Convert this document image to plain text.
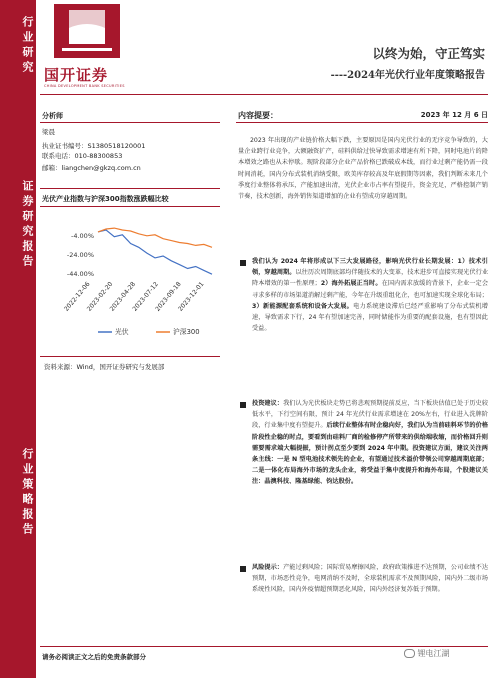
行业研究
证券研究报告
行业策略报告
国开证券
CHINA DEVELOPMENT BANK SECURITIES
以终为始，守正笃实
----2024年光伏行业年度策略报告
分析师
梁晨
执业证书编号：S1380518120001
联系电话：010-88300853
邮箱：liangchen@gkzq.com.cn
光伏产业指数与沪深300指数涨跌幅比较
-4.00%
-24.00%
-44.00%
2022-12-06
2023-02-20
2023-04-28
2023-07-12
2023-09-18
2023-12-01
光伏	沪深300
资料来源：Wind，国开证券研究与发展部
内容提要：	2023 年 12 月 6 日
2023 年出现的产业链价格大幅下跌，主要原因是国内光伏行业的无序竞争导致的，大量企业跨行业竞争，大额融资扩产，硅料供给过快导致需求增速有所下降，同时电池片的降本增效之路也从未停歇。现阶段部分企业产品价格已跌破成本线，而行业过剩产能仍需一段时间消耗，国内分布式装机消纳受限，欧美库存较高及年底假期等因素，我们判断未来几个季度行业整体将承压，产能加速出清，光伏企业市占率有望提升，资金充足，严格控制产销节奏，技术创新，海外销售渠道增加的企业有望成功穿越周期。
我们认为 2024 年将形成以下三大发展路径，影响光伏行业长期发展：1）技术引领，穿越周期。以往历次周期底部均伴随技术的大变革，技术进步可直接实现光伏行业降本增效的第一性原理；2）海外拓展正当时。在国内需求放缓的背景下，企业一定会寻求多样的市场渠道消解过剩产能，今年在升级重组化企，也可加速实现全球化布局；3）新能源配套系统和设备大发展。电力系统建设滞后已经严重影响了分布式装机增速，导致需求下行，24 年有望加速完善，同时储能作为重要的配套设施，也有望因此受益。
投资建议：我们认为光伏板块走势已将悲观预期提前反应，当下板块估值已处于历史较低水平，下行空间有限，预计 24 年光伏行业需求增速在 20%左右，行业进入洗牌阶段，行业集中度有望提升。后续行业整体有时企稳向好，我们认为当前硅料环节的价格阶段性企稳的时点，要看到由硅料厂商的检修停产所带来的供给端收缩，而价格回升则需要需求端大幅提振，预计拐点至少要到 2024 年中期。投资建议方面，建议关注两条主线：一是 N 型电池技术领先的企业，有望通过技术溢价带领公司穿越周期底部；二是一体化布局海外市场的龙头企业，将受益于集中度提升和海外布局，个股建议关注：晶澳科技、隆基绿能、钧达股份。
风险提示：产能过剩风险；国际贸易摩擦风险，政府政策推进不达预期，公司业绩不达预期，市场恶性竞争，电网消纳不及时，全球装机需求不及预期风险，国内外二级市场系统性风险，国内外疫情超预期恶化风险，国内外经济复苏低于预期。
请务必阅读正文之后的免责条款部分	锂电江湖
